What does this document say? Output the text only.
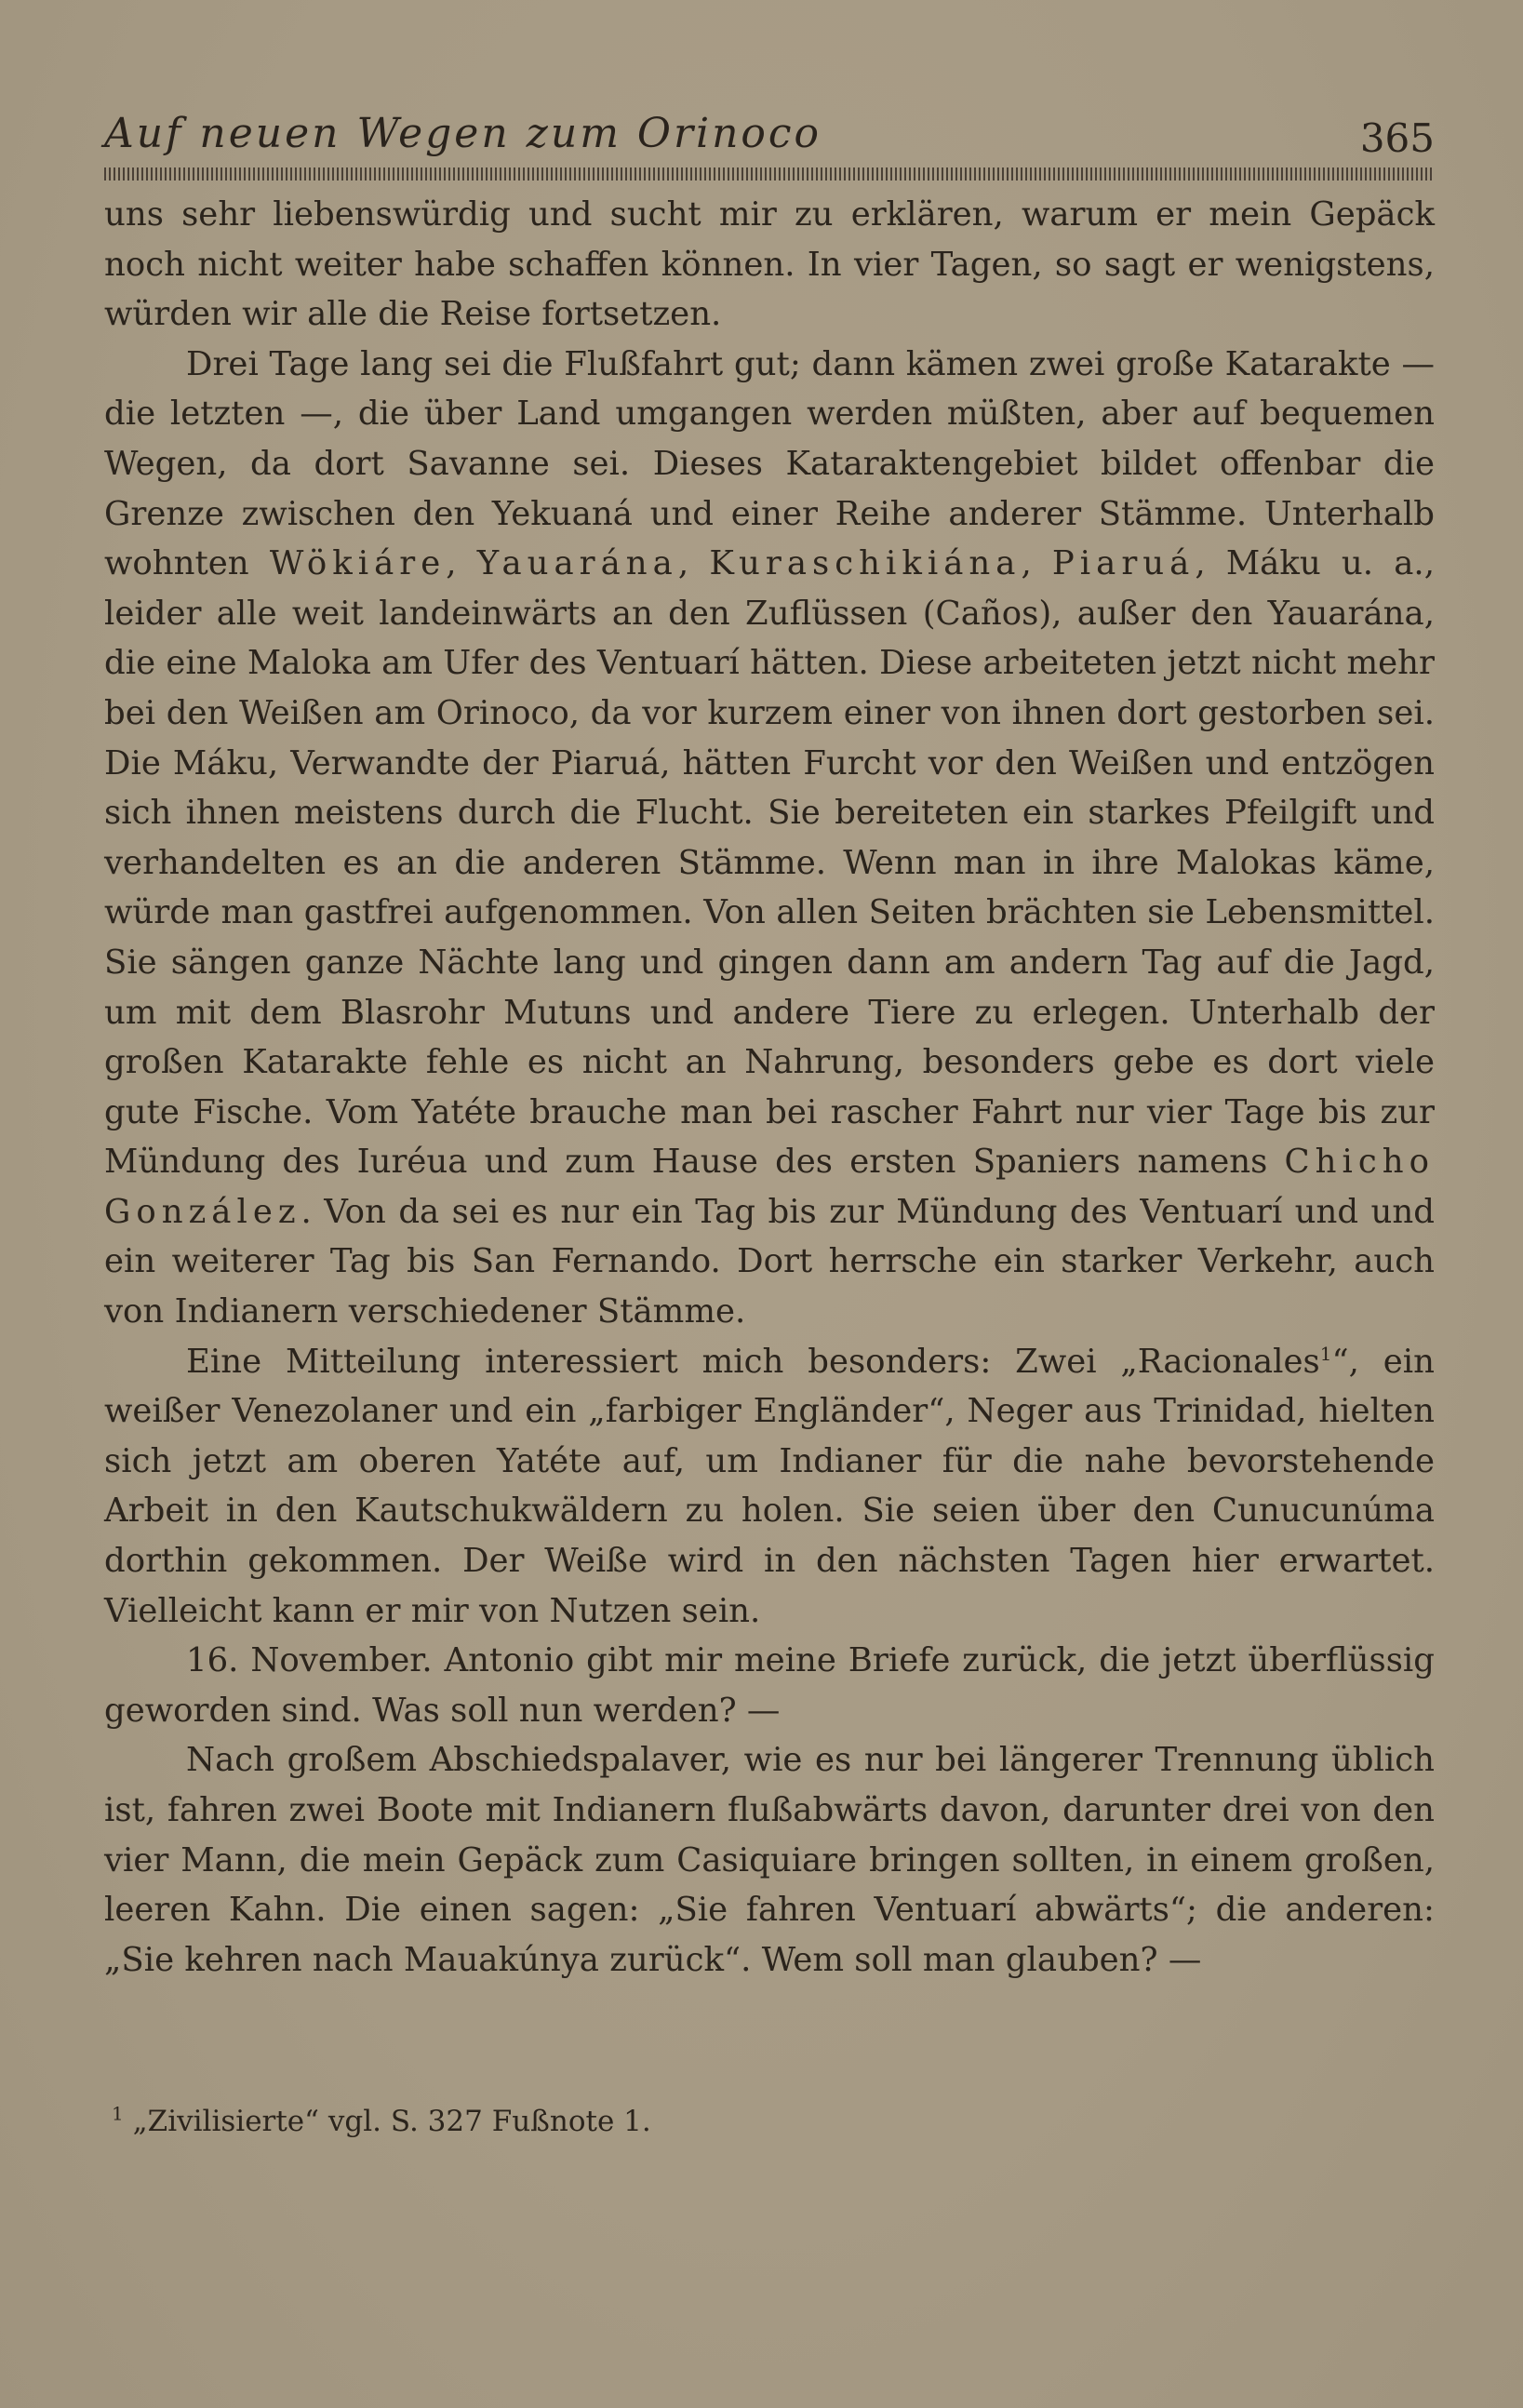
Auf neuen Wegen zum Orinoco	365

uns sehr liebenswürdig und sucht mir zu erklären, warum er mein Gepäck noch nicht weiter habe schaffen können. In vier Tagen, so sagt er wenigstens, würden wir alle die Reise fortsetzen.

Drei Tage lang sei die Flußfahrt gut; dann kämen zwei große Katarakte — die letzten —, die über Land umgangen werden müßten, aber auf bequemen Wegen, da dort Savanne sei. Dieses Kataraktengebiet bildet offenbar die Grenze zwischen den Yekuaná und einer Reihe anderer Stämme. Unterhalb wohnten Wökiáre, Yauarána, Kuraschikiána, Piaruá, Máku u. a., leider alle weit landeinwärts an den Zuflüssen (Caños), außer den Yauarána, die eine Maloka am Ufer des Ventuarí hätten. Diese arbeiteten jetzt nicht mehr bei den Weißen am Orinoco, da vor kurzem einer von ihnen dort gestorben sei. Die Máku, Verwandte der Piaruá, hätten Furcht vor den Weißen und entzögen sich ihnen meistens durch die Flucht. Sie bereiteten ein starkes Pfeilgift und verhandelten es an die anderen Stämme. Wenn man in ihre Malokas käme, würde man gastfrei aufgenommen. Von allen Seiten brächten sie Lebensmittel. Sie sängen ganze Nächte lang und gingen dann am andern Tag auf die Jagd, um mit dem Blasrohr Mutuns und andere Tiere zu erlegen. Unterhalb der großen Katarakte fehle es nicht an Nahrung, besonders gebe es dort viele gute Fische. Vom Yatéte brauche man bei rascher Fahrt nur vier Tage bis zur Mündung des Iuréua und zum Hause des ersten Spaniers namens Chicho González. Von da sei es nur ein Tag bis zur Mündung des Ventuarí und und ein weiterer Tag bis San Fernando. Dort herrsche ein starker Verkehr, auch von Indianern verschiedener Stämme.

Eine Mitteilung interessiert mich besonders: Zwei „Racionales$^1$“, ein weißer Venezolaner und ein „farbiger Engländer“, Neger aus Trinidad, hielten sich jetzt am oberen Yatéte auf, um Indianer für die nahe bevorstehende Arbeit in den Kautschukwäldern zu holen. Sie seien über den Cunucunúma dorthin gekommen. Der Weiße wird in den nächsten Tagen hier erwartet. Vielleicht kann er mir von Nutzen sein.

16. November. Antonio gibt mir meine Briefe zurück, die jetzt überflüssig geworden sind. Was soll nun werden? —

Nach großem Abschiedspalaver, wie es nur bei längerer Trennung üblich ist, fahren zwei Boote mit Indianern flußabwärts davon, darunter drei von den vier Mann, die mein Gepäck zum Casiquiare bringen sollten, in einem großen, leeren Kahn. Die einen sagen: „Sie fahren Ventuarí abwärts“; die anderen: „Sie kehren nach Mauakúnya zurück“. Wem soll man glauben? —

$^1$ „Zivilisierte“ vgl. S. 327 Fußnote 1.
